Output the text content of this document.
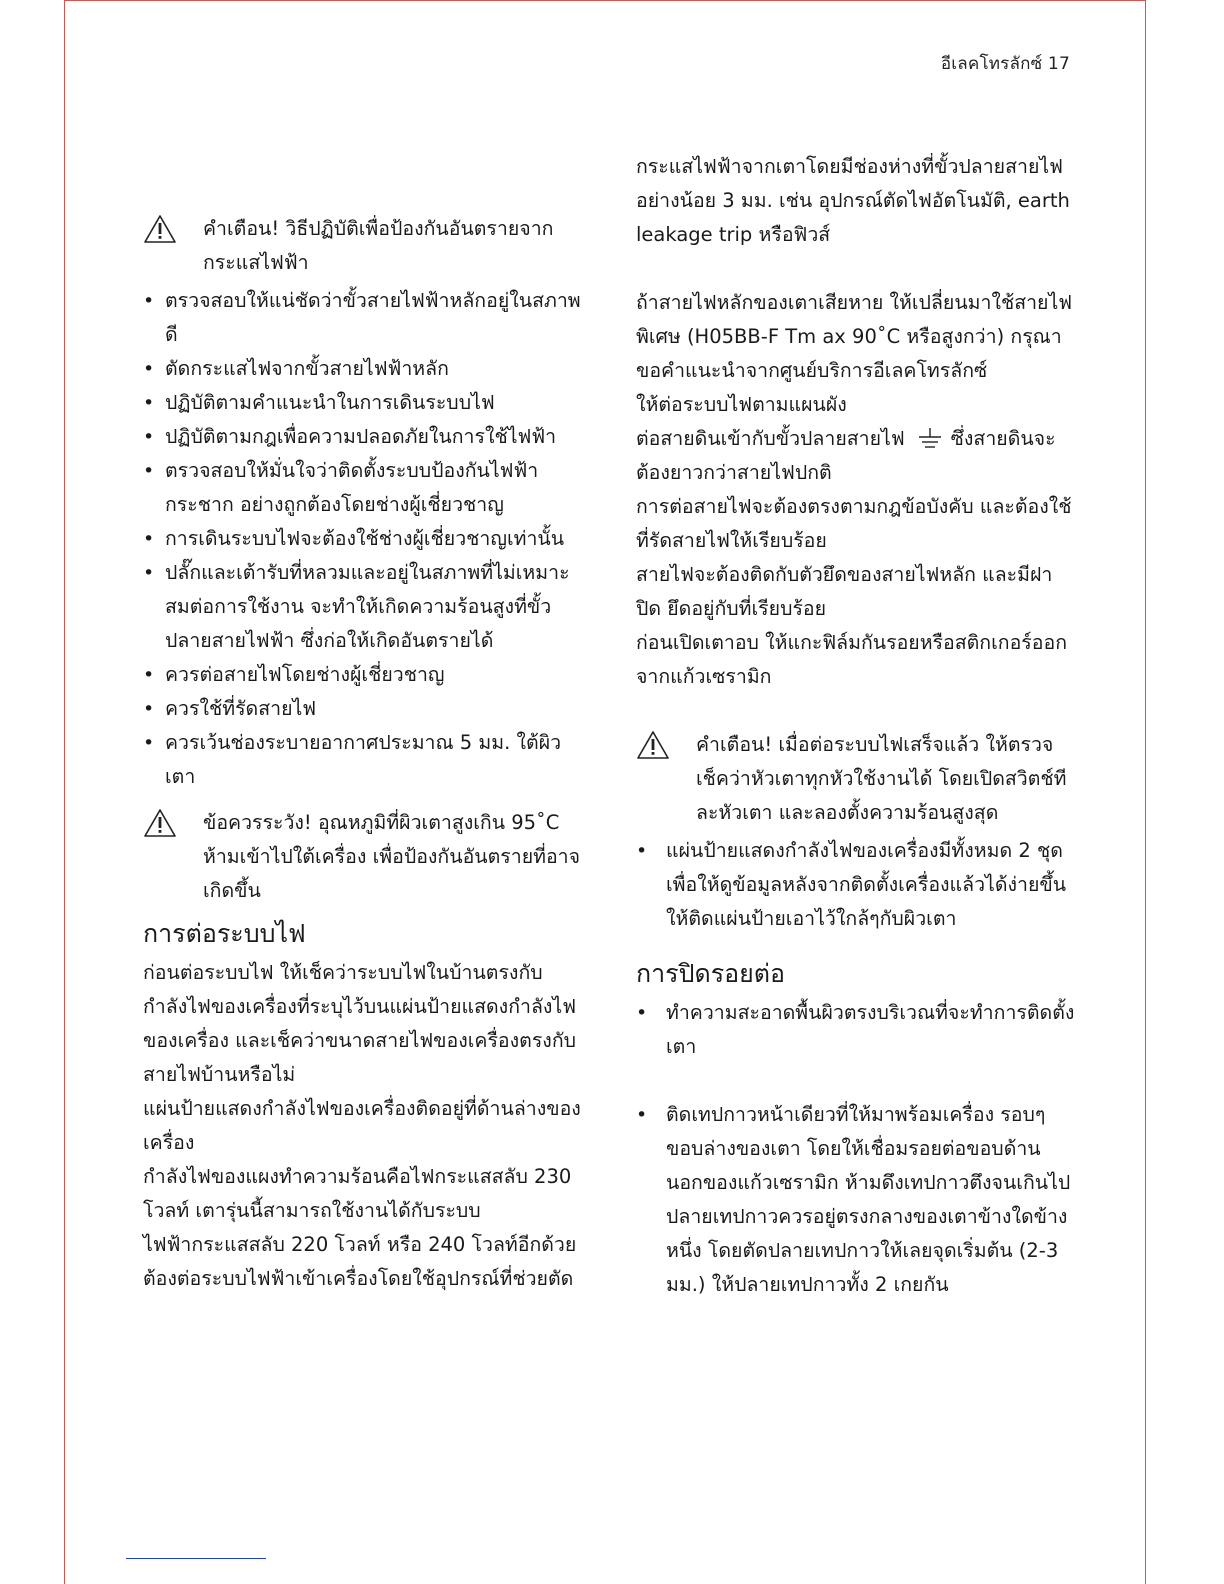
อีเลคโทรลักซ์ 17

คำเตือน! วิธีปฏิบัติเพื่อป้องกันอันตรายจากกระแสไฟฟ้า

• ตรวจสอบให้แน่ชัดว่าขั้วสายไฟฟ้าหลักอยู่ในสภาพดี
• ตัดกระแสไฟจากขั้วสายไฟฟ้าหลัก
• ปฏิบัติตามคำแนะนำในการเดินระบบไฟ
• ปฏิบัติตามกฎเพื่อความปลอดภัยในการใช้ไฟฟ้า
• ตรวจสอบให้มั่นใจว่าติดตั้งระบบป้องกันไฟฟ้ากระชาก อย่างถูกต้องโดยช่างผู้เชี่ยวชาญ
• การเดินระบบไฟจะต้องใช้ช่างผู้เชี่ยวชาญเท่านั้น
• ปลั๊กและเต้ารับที่หลวมและอยู่ในสภาพที่ไม่เหมาะสมต่อการใช้งาน จะทำให้เกิดความร้อนสูงที่ขั้วปลายสายไฟฟ้า ซึ่งก่อให้เกิดอันตรายได้
• ควรต่อสายไฟโดยช่างผู้เชี่ยวชาญ
• ควรใช้ที่รัดสายไฟ
• ควรเว้นช่องระบายอากาศประมาณ 5 มม. ใต้ผิวเตา

ข้อควรระวัง! อุณหภูมิที่ผิวเตาสูงเกิน 95˚C ห้ามเข้าไปใต้เครื่อง เพื่อป้องกันอันตรายที่อาจเกิดขึ้น

การต่อระบบไฟ

ก่อนต่อระบบไฟ ให้เช็คว่าระบบไฟในบ้านตรงกับกำลังไฟของเครื่องที่ระบุไว้บนแผ่นป้ายแสดงกำลังไฟของเครื่อง และเช็คว่าขนาดสายไฟของเครื่องตรงกับสายไฟบ้านหรือไม่

แผ่นป้ายแสดงกำลังไฟของเครื่องติดอยู่ที่ด้านล่างของเครื่อง

กำลังไฟของแผงทำความร้อนคือไฟกระแสสลับ 230 โวลท์ เตารุ่นนี้สามารถใช้งานได้กับระบบไฟฟ้ากระแสสลับ 220 โวลท์ หรือ 240 โวลท์อีกด้วย

ต้องต่อระบบไฟฟ้าเข้าเครื่องโดยใช้อุปกรณ์ที่ช่วยตัด

กระแสไฟฟ้าจากเตาโดยมีช่องห่างที่ขั้วปลายสายไฟอย่างน้อย 3 มม. เช่น อุปกรณ์ตัดไฟอัตโนมัติ, earth leakage trip หรือฟิวส์

ถ้าสายไฟหลักของเตาเสียหาย ให้เปลี่ยนมาใช้สายไฟพิเศษ (H05BB-F Tm ax 90˚C หรือสูงกว่า) กรุณาขอคำแนะนำจากศูนย์บริการอีเลคโทรลักซ์

ให้ต่อระบบไฟตามแผนผัง

ต่อสายดินเข้ากับขั้วปลายสายไฟ ซึ่งสายดินจะต้องยาวกว่าสายไฟปกติ

การต่อสายไฟจะต้องตรงตามกฎข้อบังคับ และต้องใช้ที่รัดสายไฟให้เรียบร้อย

สายไฟจะต้องติดกับตัวยึดของสายไฟหลัก และมีฝาปิด ยึดอยู่กับที่เรียบร้อย

ก่อนเปิดเตาอบ ให้แกะฟิล์มกันรอยหรือสติกเกอร์ออกจากแก้วเซรามิก

คำเตือน! เมื่อต่อระบบไฟเสร็จแล้ว ให้ตรวจเช็คว่าหัวเตาทุกหัวใช้งานได้ โดยเปิดสวิตช์ทีละหัวเตา และลองตั้งความร้อนสูงสุด

• แผ่นป้ายแสดงกำลังไฟของเครื่องมีทั้งหมด 2 ชุด เพื่อให้ดูข้อมูลหลังจากติดตั้งเครื่องแล้วได้ง่ายขึ้น ให้ติดแผ่นป้ายเอาไว้ใกล้ๆกับผิวเตา
การปิดรอยต่อ
• ทำความสะอาดพื้นผิวตรงบริเวณที่จะทำการติดตั้งเตา
• ติดเทปกาวหน้าเดียวที่ให้มาพร้อมเครื่อง รอบๆขอบล่างของเตา โดยให้เชื่อมรอยต่อขอบด้านนอกของแก้วเซรามิก ห้ามดึงเทปกาวตึงจนเกินไป ปลายเทปกาวควรอยู่ตรงกลางของเตาข้างใดข้างหนึ่ง โดยตัดปลายเทปกาวให้เลยจุดเริ่มต้น (2-3 มม.) ให้ปลายเทปกาวทั้ง 2 เกยกัน
